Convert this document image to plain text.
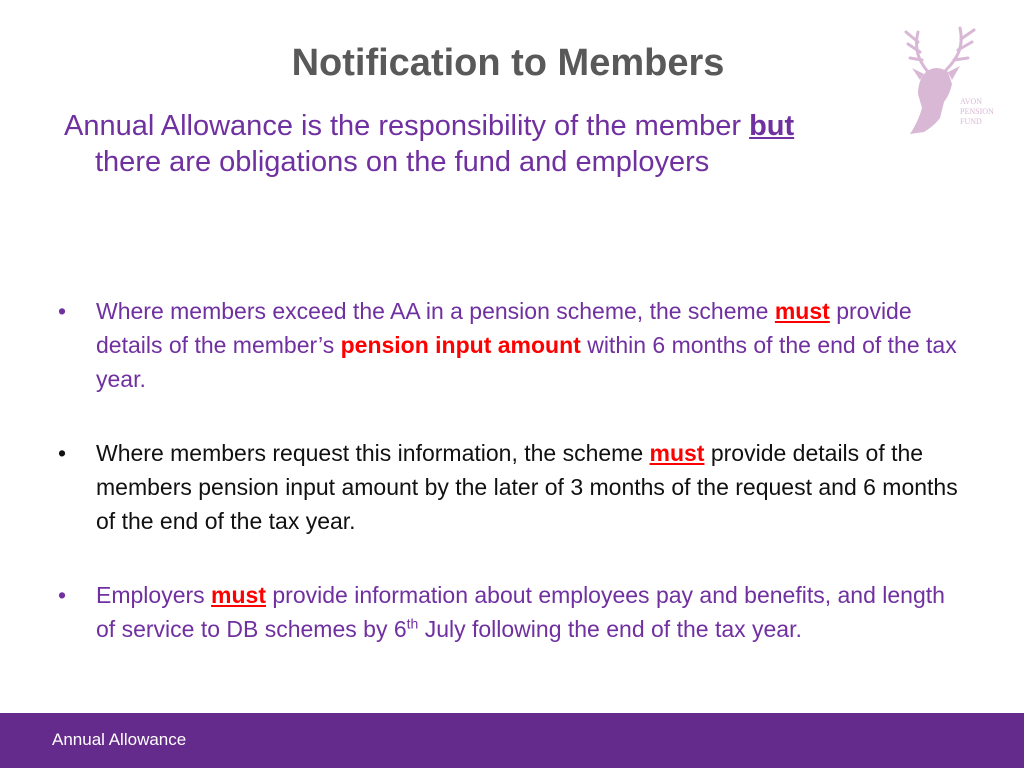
Notification to Members
AVON
PENSION
FUND
Annual Allowance is the responsibility of the member but
there are obligations on the fund and employers
• Where members exceed the AA in a pension scheme, the scheme must provide details of the member’s pension input amount within 6 months of the end of the tax year.
• Where members request this information, the scheme must provide details of the members pension input amount by the later of 3 months of the request and 6 months of the end of the tax year.
• Employers must provide information about employees pay and benefits, and length of service to DB schemes by 6th July following the end of the tax year.
Annual Allowance
